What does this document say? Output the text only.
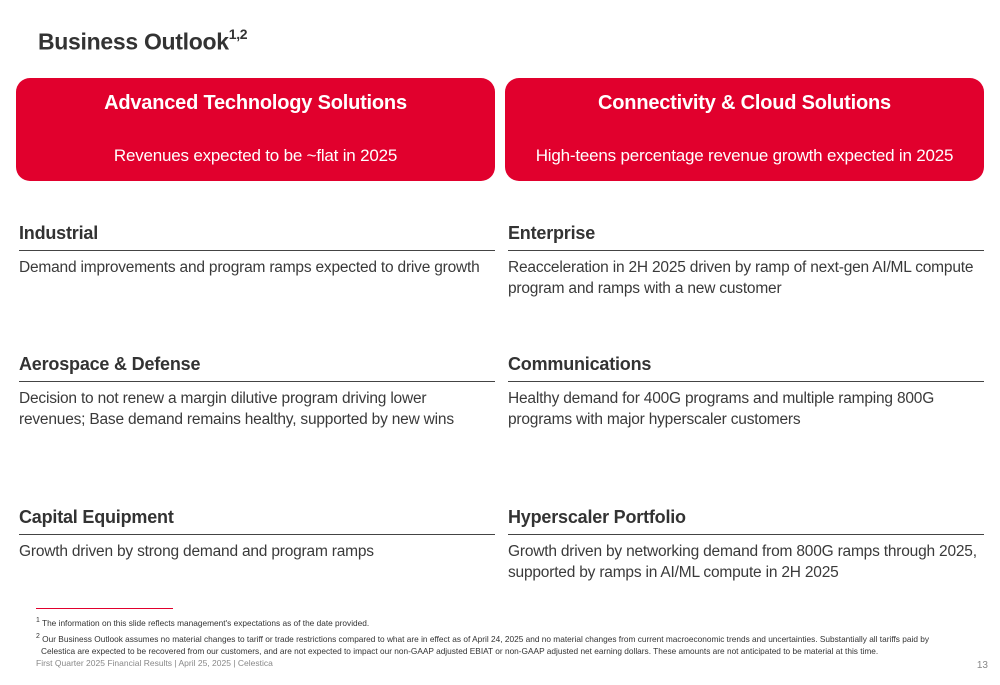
Business Outlook$^{1,2}$
Advanced Technology Solutions
Revenues expected to be ~flat in 2025
Connectivity & Cloud Solutions
High-teens percentage revenue growth expected in 2025
Industrial
Demand improvements and program ramps expected to drive growth
Enterprise
Reacceleration in 2H 2025 driven by ramp of next-gen AI/ML compute program and ramps with a new customer
Aerospace & Defense
Decision to not renew a margin dilutive program driving lower revenues; Base demand remains healthy, supported by new wins
Communications
Healthy demand for 400G programs and multiple ramping 800G programs with major hyperscaler customers
Capital Equipment
Growth driven by strong demand and program ramps
Hyperscaler Portfolio
Growth driven by networking demand from 800G ramps through 2025, supported by ramps in AI/ML compute in 2H 2025

$^1$ The information on this slide reflects management's expectations as of the date provided.

$^2$ Our Business Outlook assumes no material changes to tariff or trade restrictions compared to what are in effect as of April 24, 2025 and no material changes from current macroeconomic trends and uncertainties. Substantially all tariffs paid by
Celestica are expected to be recovered from our customers, and are not expected to impact our non-GAAP adjusted EBIAT or non-GAAP adjusted net earning dollars. These amounts are not anticipated to be material at this time.

First Quarter 2025 Financial Results | April 25, 2025 | Celestica	13
